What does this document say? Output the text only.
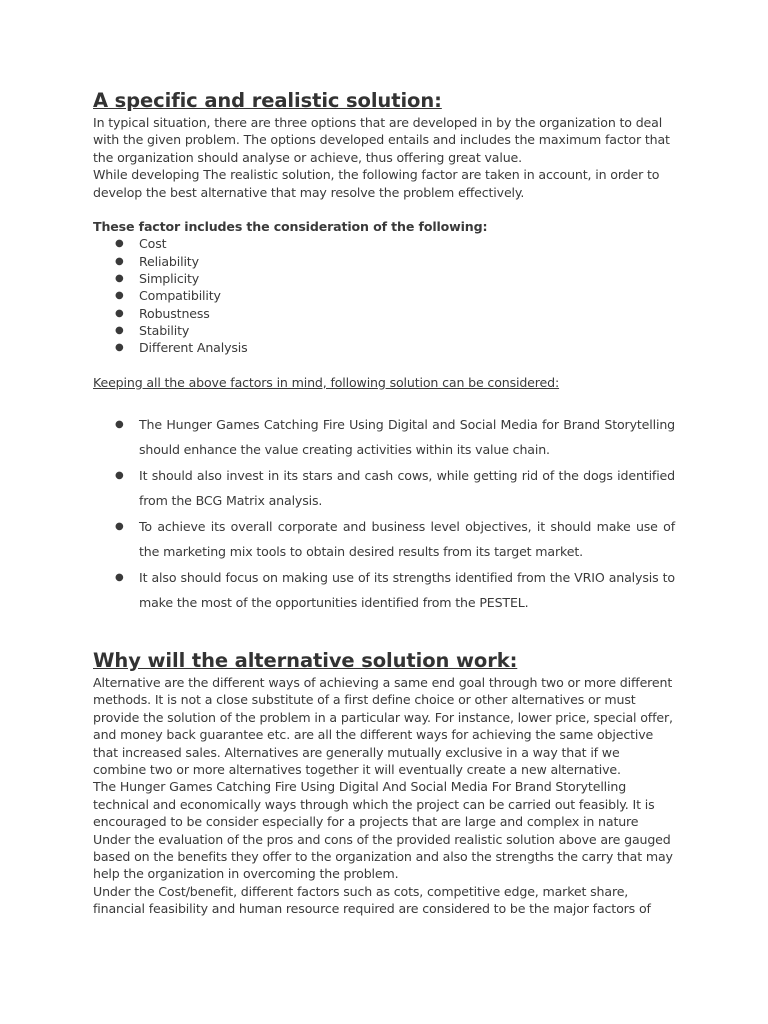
A specific and realistic solution:

In typical situation, there are three options that are developed in by the organization to deal with the given problem. The options developed entails and includes the maximum factor that the organization should analyse or achieve, thus offering great value.

While developing The realistic solution, the following factor are taken in account, in order to develop the best alternative that may resolve the problem effectively.

These factor includes the consideration of the following:
● Cost
● Reliability
● Simplicity
● Compatibility
● Robustness
● Stability
● Different Analysis
Keeping all the above factors in mind, following solution can be considered:
● The Hunger Games Catching Fire Using Digital and Social Media for Brand Storytelling should enhance the value creating activities within its value chain.
● It should also invest in its stars and cash cows, while getting rid of the dogs identified from the BCG Matrix analysis.
● To achieve its overall corporate and business level objectives, it should make use of the marketing mix tools to obtain desired results from its target market.
● It also should focus on making use of its strengths identified from the VRIO analysis to make the most of the opportunities identified from the PESTEL.
Why will the alternative solution work:

Alternative are the different ways of achieving a same end goal through two or more different methods. It is not a close substitute of a first define choice or other alternatives or must provide the solution of the problem in a particular way. For instance, lower price, special offer, and money back guarantee etc. are all the different ways for achieving the same objective that increased sales. Alternatives are generally mutually exclusive in a way that if we combine two or more alternatives together it will eventually create a new alternative.

The Hunger Games Catching Fire Using Digital And Social Media For Brand Storytelling technical and economically ways through which the project can be carried out feasibly. It is encouraged to be consider especially for a projects that are large and complex in nature

Under the evaluation of the pros and cons of the provided realistic solution above are gauged based on the benefits they offer to the organization and also the strengths the carry that may help the organization in overcoming the problem.

Under the Cost/benefit, different factors such as cots, competitive edge, market share, financial feasibility and human resource required are considered to be the major factors of
